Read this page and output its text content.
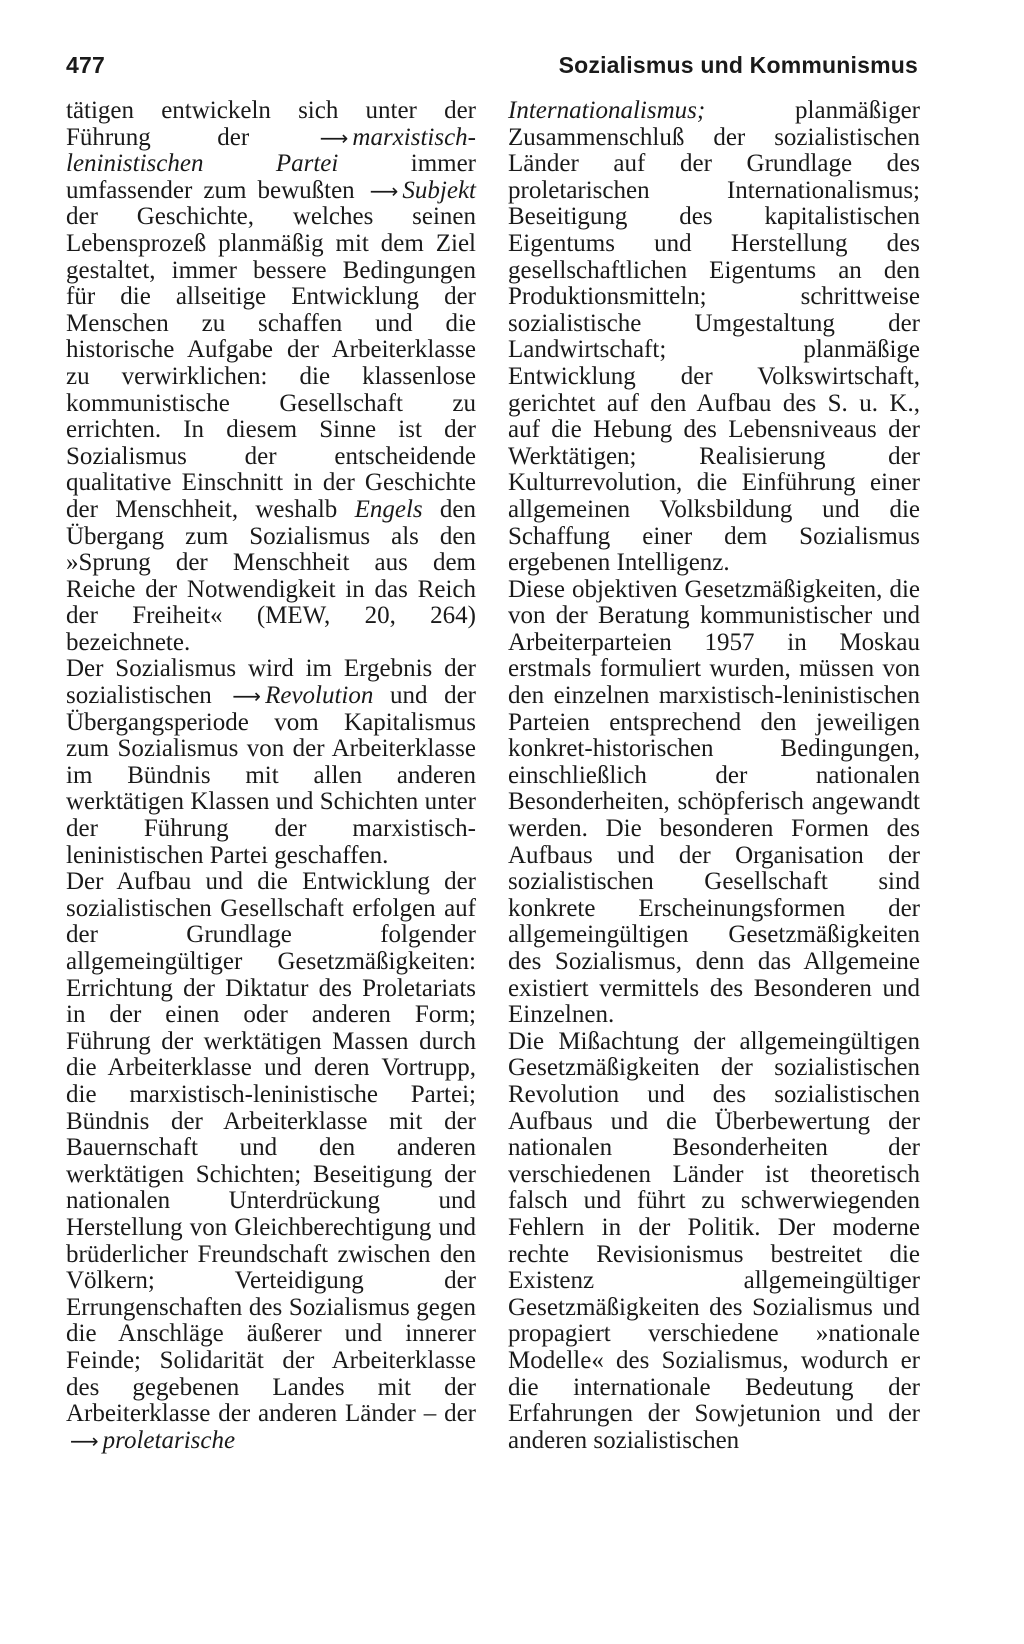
477	Sozialismus und Kommunismus

tätigen entwickeln sich unter der Führung der	⟶ marxistisch-leninistischen Partei	immer umfassender zum bewußten ⟶ Subjekt der Geschichte, welches seinen Lebensprozeß planmäßig mit dem Ziel gestaltet, immer bessere Bedingungen für die allseitige Entwicklung der Menschen zu schaffen und die historische Aufgabe der Arbeiterklasse zu verwirklichen: die klassenlose kommunistische Gesellschaft zu errichten. In diesem Sinne ist der Sozialismus der entscheidende qualitative Einschnitt in der Geschichte der Menschheit, weshalb Engels den Übergang zum Sozialismus als den »Sprung der Menschheit aus dem Reiche der Notwendigkeit in das Reich der Freiheit« (MEW, 20, 264) bezeichnete.

Der Sozialismus wird im Ergebnis der sozialistischen ⟶ Revolution und der Übergangsperiode vom Kapitalismus zum Sozialismus von der Arbeiterklasse im Bündnis mit allen anderen werktätigen Klassen und Schichten unter der Führung der marxistisch-leninistischen Partei geschaffen.

Der Aufbau und die Entwicklung der sozialistischen Gesellschaft erfolgen auf der Grundlage folgender allgemeingültiger Gesetzmäßigkeiten: Errichtung der Diktatur des Proletariats in der einen oder anderen Form; Führung der werktätigen Massen durch die Arbeiterklasse und deren Vortrupp, die marxistisch-leninistische Partei; Bündnis der Arbeiterklasse mit der Bauernschaft und den anderen werktätigen Schichten; Beseitigung der nationalen Unterdrückung und Herstellung von Gleichberechtigung und brüderlicher Freundschaft zwischen den Völkern; Verteidigung der Errungenschaften des Sozialismus gegen die Anschläge äußerer und innerer Feinde; Solidarität der Arbeiterklasse des gegebenen Landes mit der Arbeiterklasse der anderen Länder – der ⟶ proletarische

Internationalismus;	planmäßiger Zusammenschluß der sozialistischen Länder auf der Grundlage des proletarischen Internationalismus; Beseitigung des kapitalistischen Eigentums und Herstellung des gesellschaftlichen Eigentums an den Produktionsmitteln; schrittweise sozialistische Umgestaltung der Landwirtschaft; planmäßige Entwicklung der Volkswirtschaft, gerichtet auf den Aufbau des S. u. K., auf die Hebung des Lebensniveaus der Werktätigen; Realisierung der Kulturrevolution, die Einführung einer allgemeinen Volksbildung und die Schaffung einer dem Sozialismus ergebenen Intelligenz.

Diese objektiven Gesetzmäßigkeiten, die von der Beratung kommunistischer und Arbeiterparteien 1957 in Moskau erstmals formuliert wurden, müssen von den einzelnen marxistisch-leninistischen Parteien entsprechend den jeweiligen konkret-historischen Bedingungen, einschließlich der nationalen Besonderheiten, schöpferisch angewandt werden. Die besonderen Formen des Aufbaus und der Organisation der sozialistischen Gesellschaft sind konkrete Erscheinungsformen der allgemeingültigen Gesetzmäßigkeiten des Sozialismus, denn das Allgemeine existiert vermittels des Besonderen und Einzelnen.

Die Mißachtung der allgemeingültigen Gesetzmäßigkeiten der sozialistischen Revolution und des sozialistischen Aufbaus und die Überbewertung der nationalen Besonderheiten der verschiedenen Länder ist theoretisch falsch und führt zu schwerwiegenden Fehlern in der Politik. Der moderne rechte Revisionismus bestreitet die Existenz allgemeingültiger Gesetzmäßigkeiten des Sozialismus und propagiert verschiedene »nationale Modelle« des Sozialismus, wodurch er die internationale Bedeutung der Erfahrungen der Sowjetunion und der anderen sozialistischen
